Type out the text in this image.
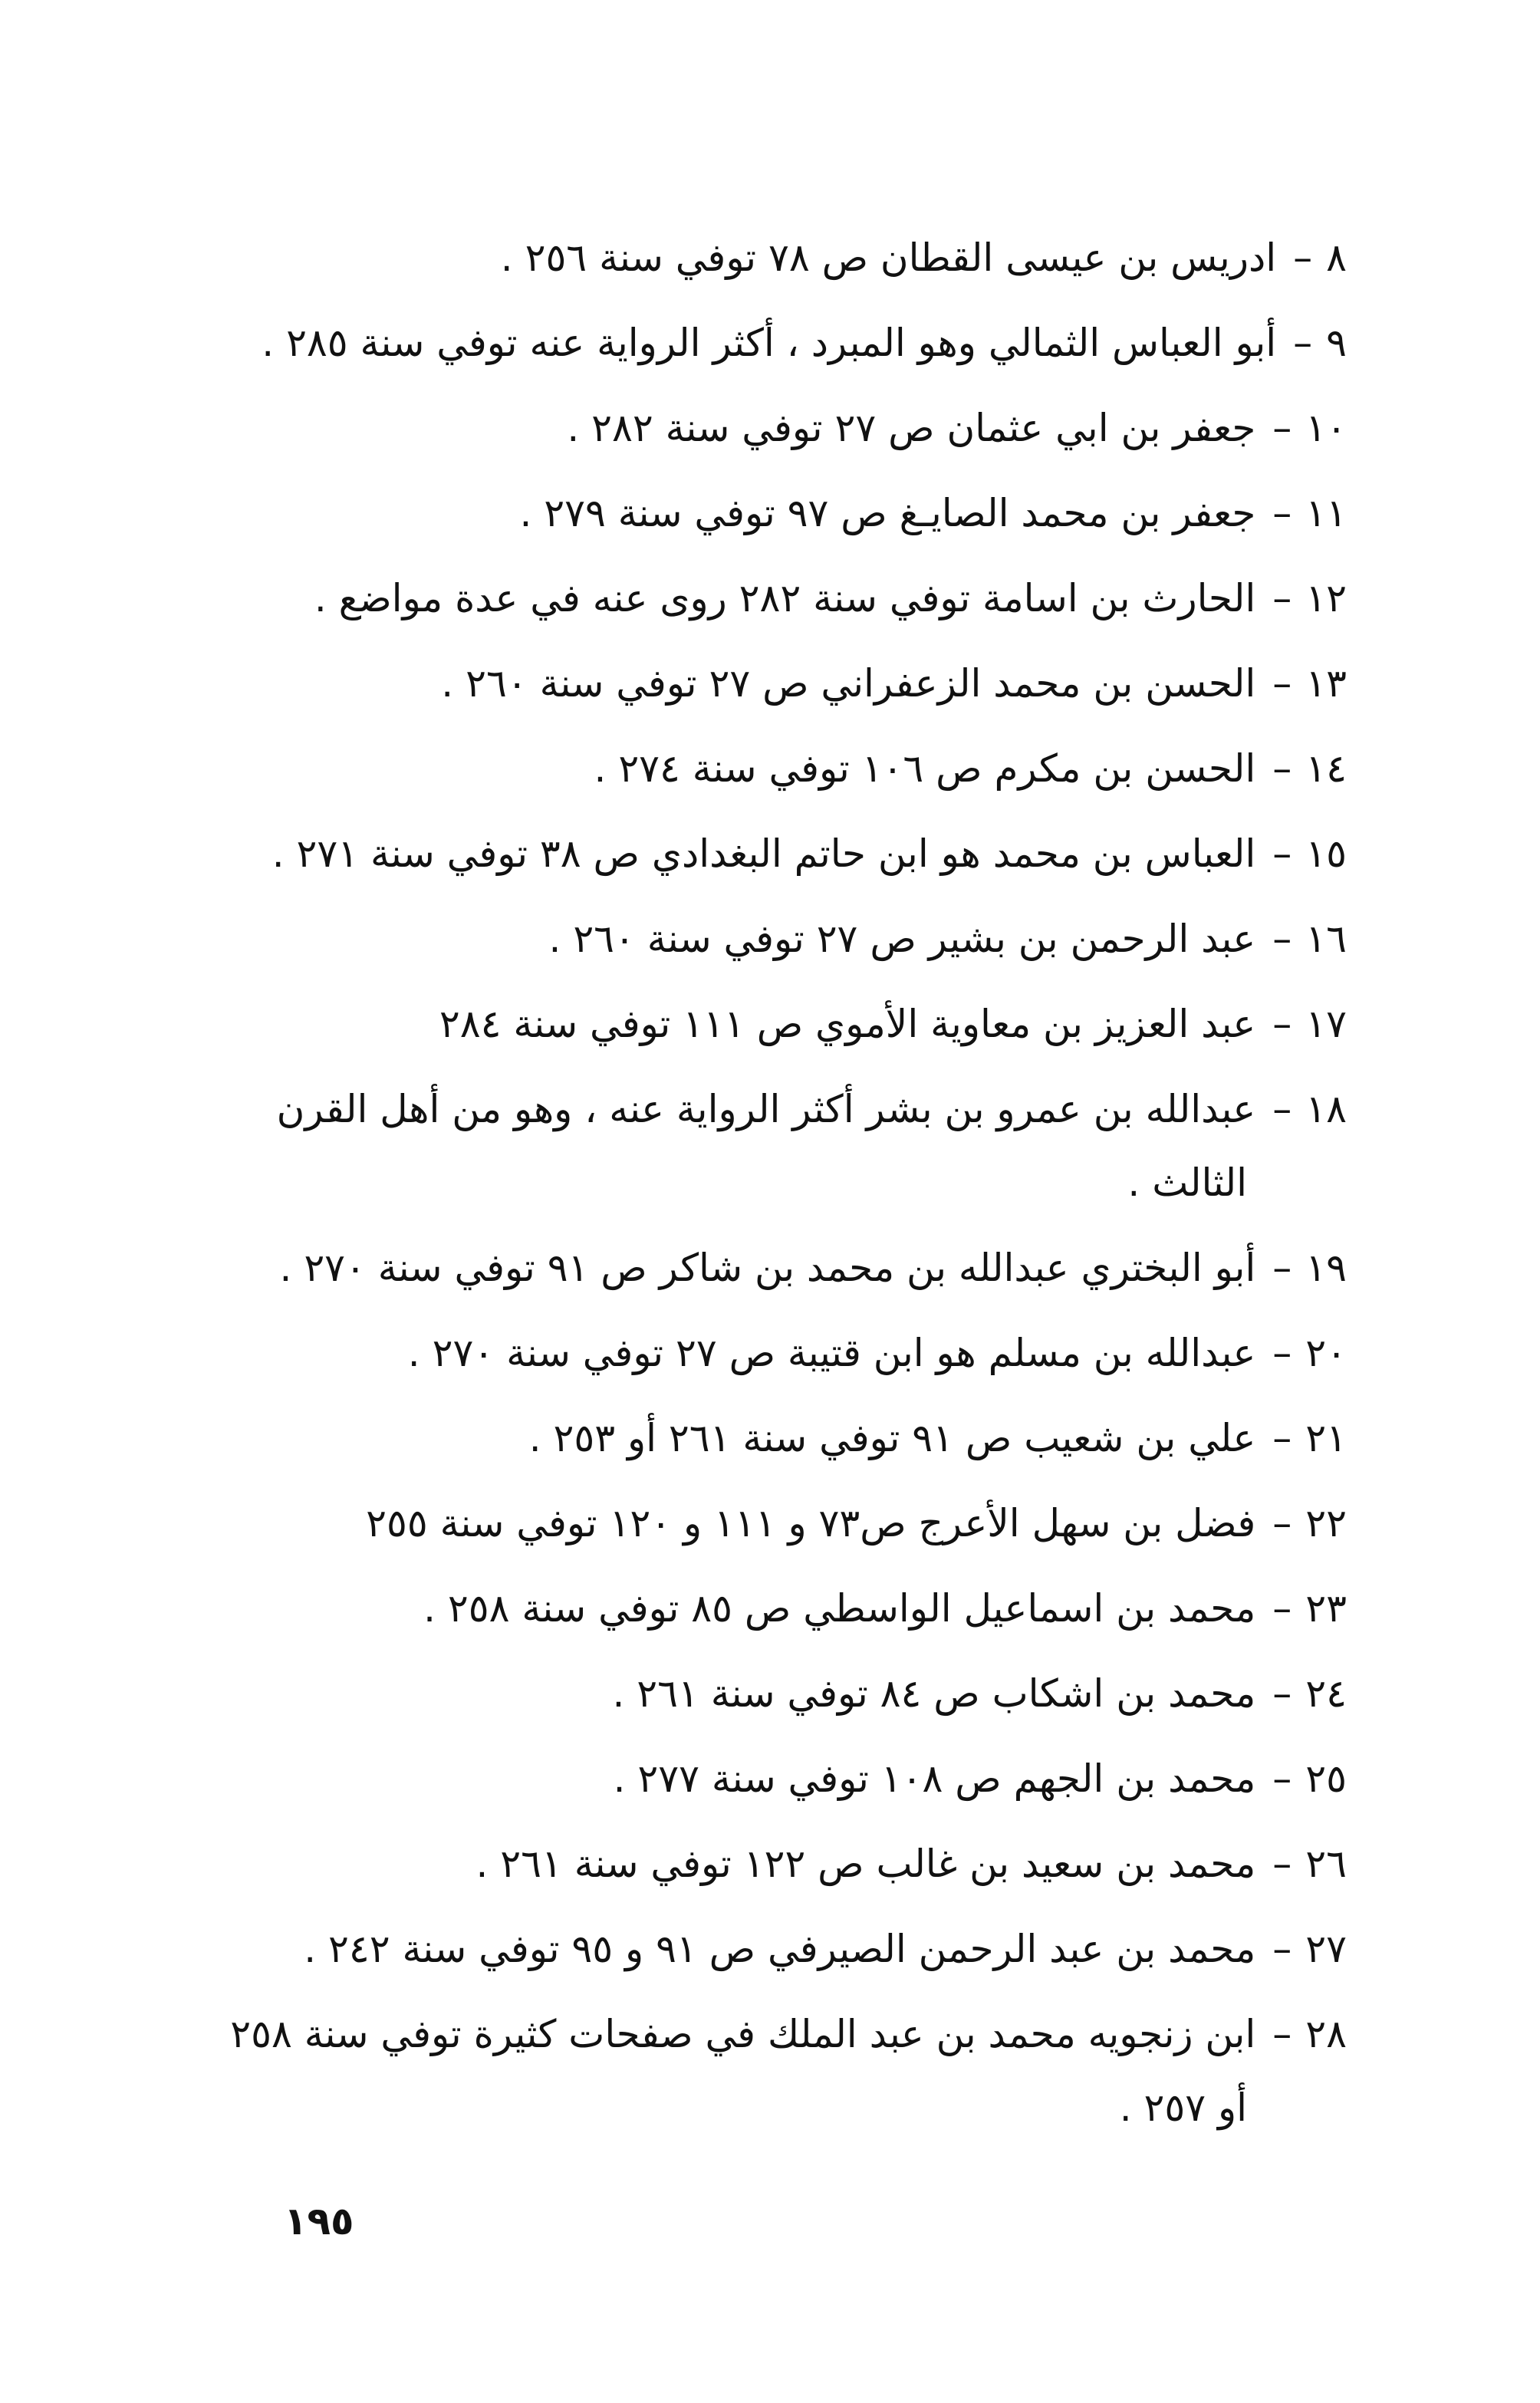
٨–ادريس بن عيسى القطان ص ٧٨ توفي سنة ٢٥٦ .
٩–أبو العباس الثمالي وهو المبرد ، أكثر الرواية عنه توفي سنة ٢٨٥ .
١٠–جعفر بن ابي عثمان ص ٢٧ توفي سنة ٢٨٢ .
١١–جعفر بن محمد الصايـغ ص ٩٧ توفي سنة ٢٧٩ .
١٢–الحارث بن اسامة توفي سنة ٢٨٢ روى عنه في عدة مواضع .
١٣–الحسن بن محمد الزعفراني ص ٢٧ توفي سنة ٢٦٠ .
١٤–الحسن بن مكرم ص ١٠٦ توفي سنة ٢٧٤ .
١٥–العباس بن محمد هو ابن حاتم البغدادي ص ٣٨ توفي سنة ٢٧١ .
١٦–عبد الرحمن بن بشير ص ٢٧ توفي سنة ٢٦٠ .
١٧–عبد العزيز بن معاوية الأموي ص ١١١ توفي سنة ٢٨٤
١٨–عبدالله بن عمرو بن بشر أكثر الرواية عنه ، وهو من أهل القرن
الثالث .
١٩–أبو البختري عبدالله بن محمد بن شاكر ص ٩١ توفي سنة ٢٧٠ .
٢٠–عبدالله بن مسلم هو ابن قتيبة ص ٢٧ توفي سنة ٢٧٠ .
٢١–علي بن شعيب ص ٩١ توفي سنة ٢٦١ أو ٢٥٣ .
٢٢–فضل بن سهل الأعرج ص٧٣ و ١١١ و ١٢٠ توفي سنة ٢٥٥
٢٣–محمد بن اسماعيل الواسطي ص ٨٥ توفي سنة ٢٥٨ .
٢٤–محمد بن اشكاب ص ٨٤ توفي سنة ٢٦١ .
٢٥–محمد بن الجهم ص ١٠٨ توفي سنة ٢٧٧ .
٢٦–محمد بن سعيد بن غالب ص ١٢٢ توفي سنة ٢٦١ .
٢٧–محمد بن عبد الرحمن الصيرفي ص ٩١ و ٩٥ توفي سنة ٢٤٢ .
٢٨–ابن زنجويه محمد بن عبد الملك في صفحات كثيرة توفي سنة ٢٥٨
أو ٢٥٧ .
١٩٥
